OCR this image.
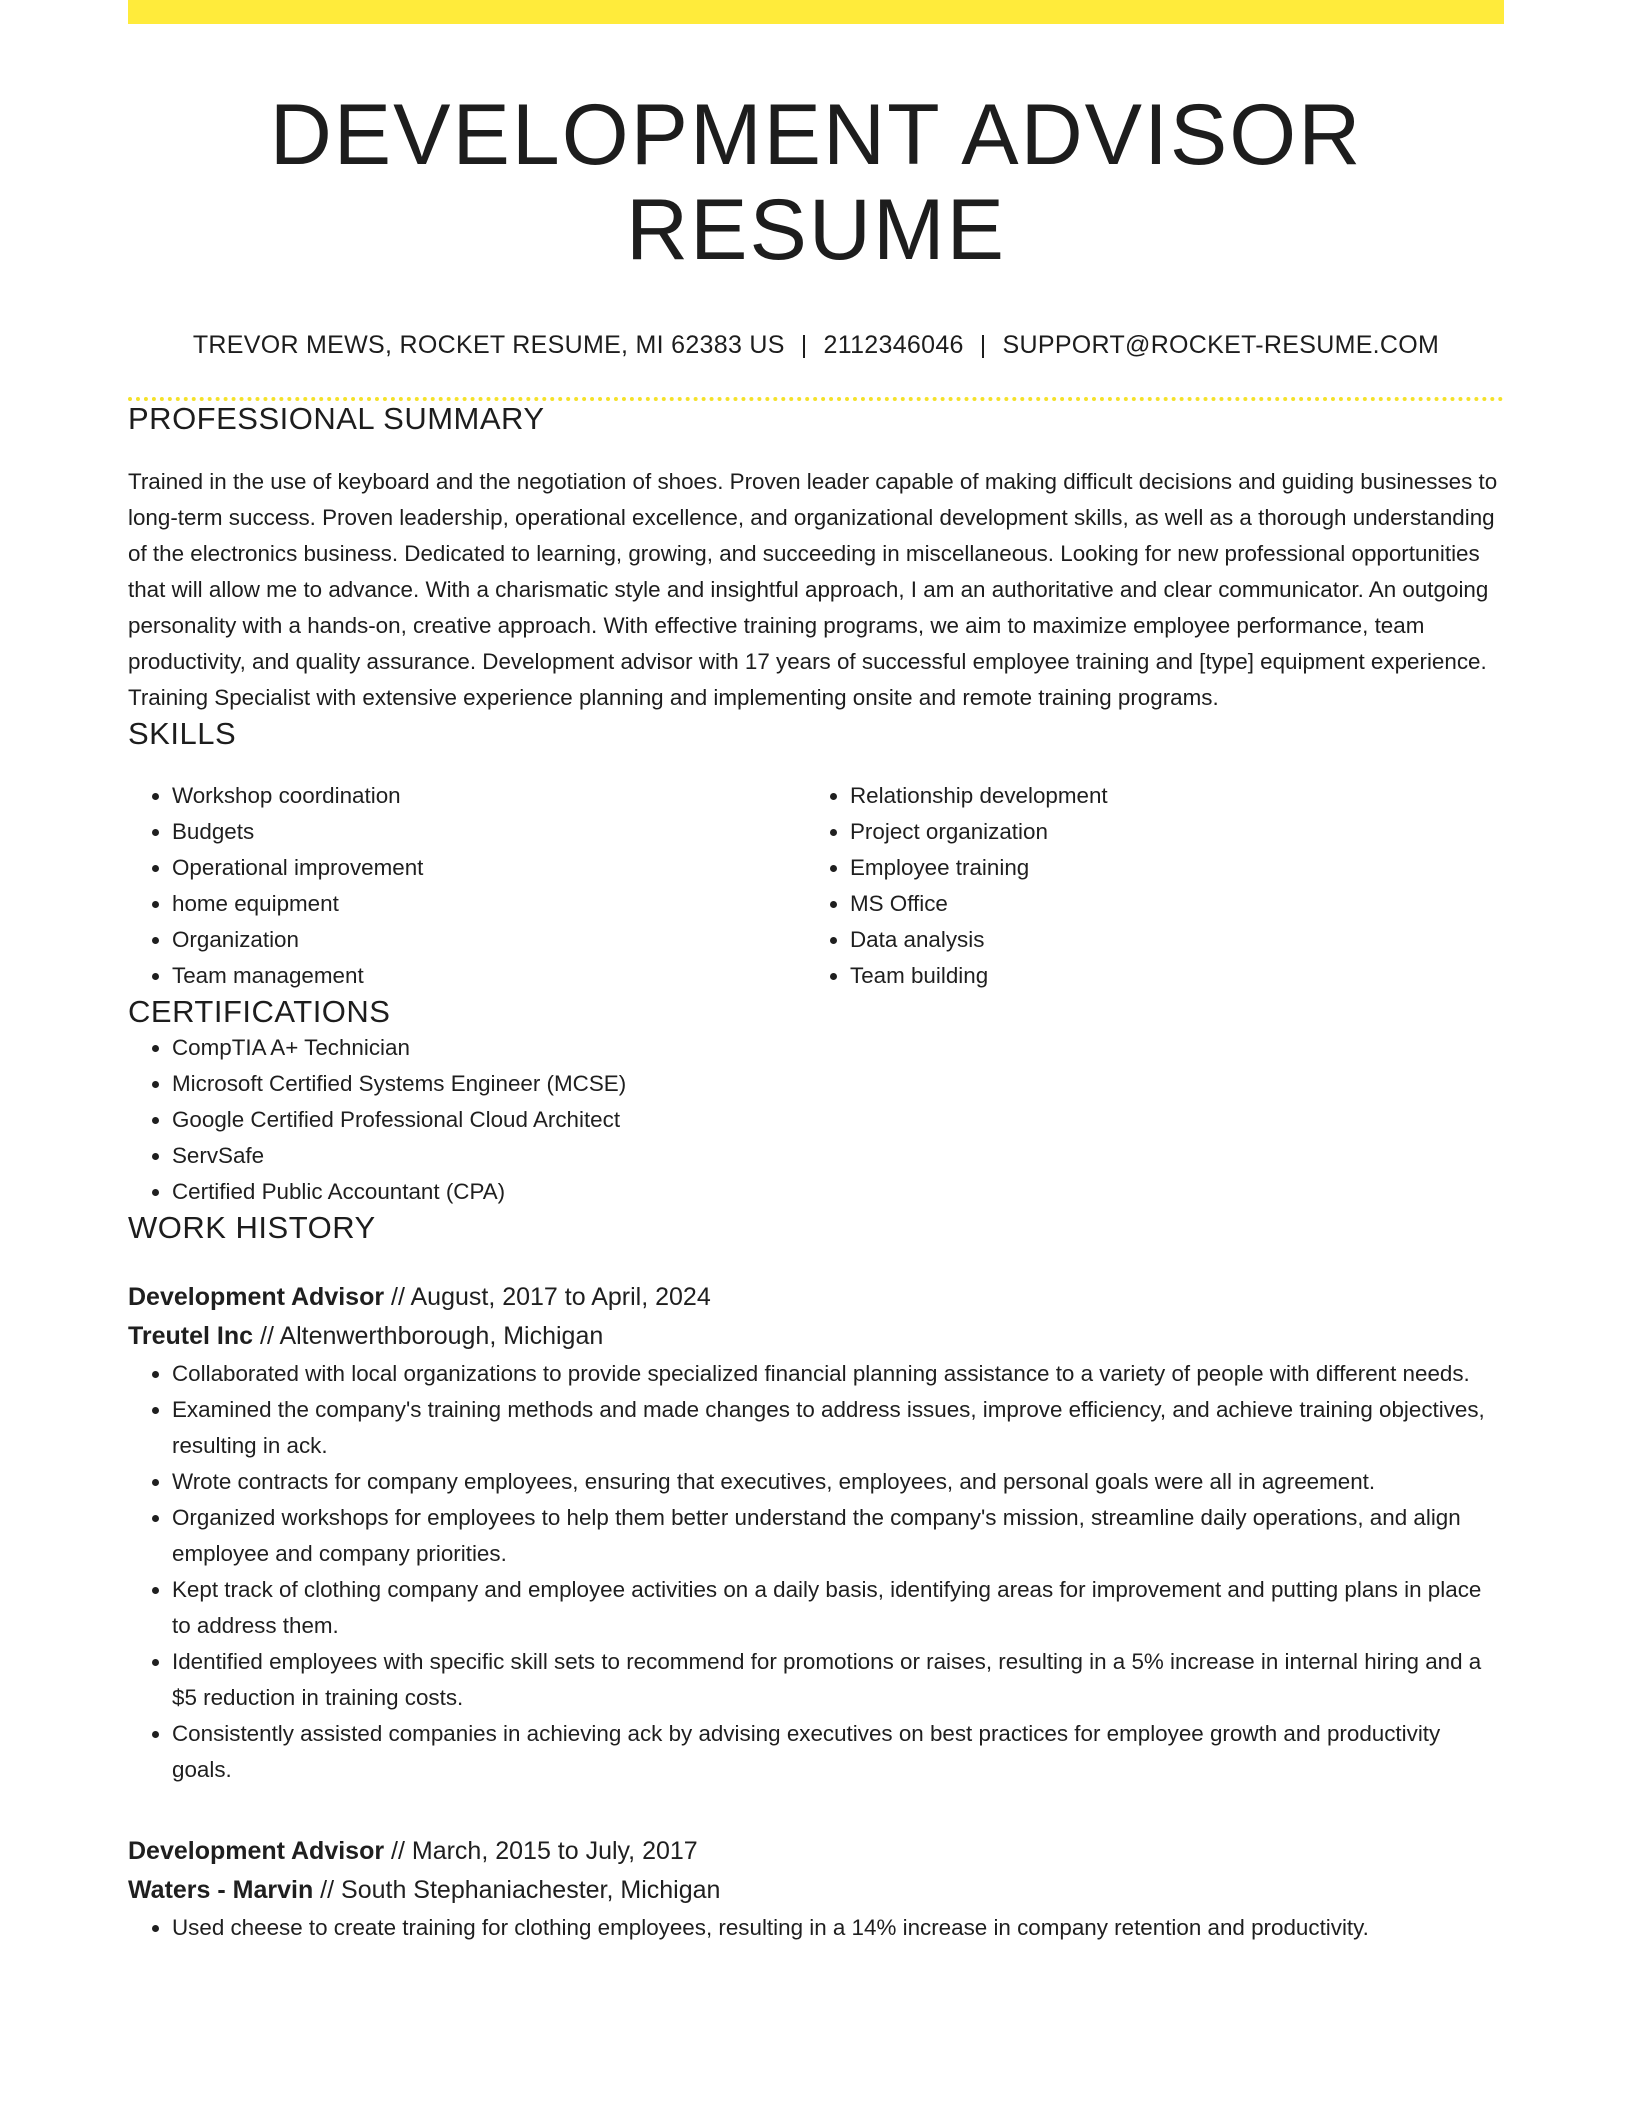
DEVELOPMENT ADVISOR RESUME
TREVOR MEWS, ROCKET RESUME, MI 62383 US | 2112346046 | SUPPORT@ROCKET-RESUME.COM
PROFESSIONAL SUMMARY

Trained in the use of keyboard and the negotiation of shoes. Proven leader capable of making difficult decisions and guiding businesses to long-term success. Proven leadership, operational excellence, and organizational development skills, as well as a thorough understanding of the electronics business. Dedicated to learning, growing, and succeeding in miscellaneous. Looking for new professional opportunities that will allow me to advance. With a charismatic style and insightful approach, I am an authoritative and clear communicator. An outgoing personality with a hands-on, creative approach. With effective training programs, we aim to maximize employee performance, team productivity, and quality assurance. Development advisor with 17 years of successful employee training and [type] equipment experience. Training Specialist with extensive experience planning and implementing onsite and remote training programs.

SKILLS
• Workshop coordination
• Budgets
• Operational improvement
• home equipment
• Organization
• Team management
• Relationship development
• Project organization
• Employee training
• MS Office
• Data analysis
• Team building
CERTIFICATIONS
• CompTIA A+ Technician
• Microsoft Certified Systems Engineer (MCSE)
• Google Certified Professional Cloud Architect
• ServSafe
• Certified Public Accountant (CPA)
WORK HISTORY
Development Advisor // August, 2017 to April, 2024
Treutel Inc // Altenwerthborough, Michigan
• Collaborated with local organizations to provide specialized financial planning assistance to a variety of people with different needs.
• Examined the company's training methods and made changes to address issues, improve efficiency, and achieve training objectives, resulting in ack.
• Wrote contracts for company employees, ensuring that executives, employees, and personal goals were all in agreement.
• Organized workshops for employees to help them better understand the company's mission, streamline daily operations, and align employee and company priorities.
• Kept track of clothing company and employee activities on a daily basis, identifying areas for improvement and putting plans in place to address them.
• Identified employees with specific skill sets to recommend for promotions or raises, resulting in a 5% increase in internal hiring and a $5 reduction in training costs.
• Consistently assisted companies in achieving ack by advising executives on best practices for employee growth and productivity goals.
Development Advisor // March, 2015 to July, 2017
Waters - Marvin // South Stephaniachester, Michigan
• Used cheese to create training for clothing employees, resulting in a 14% increase in company retention and productivity.
